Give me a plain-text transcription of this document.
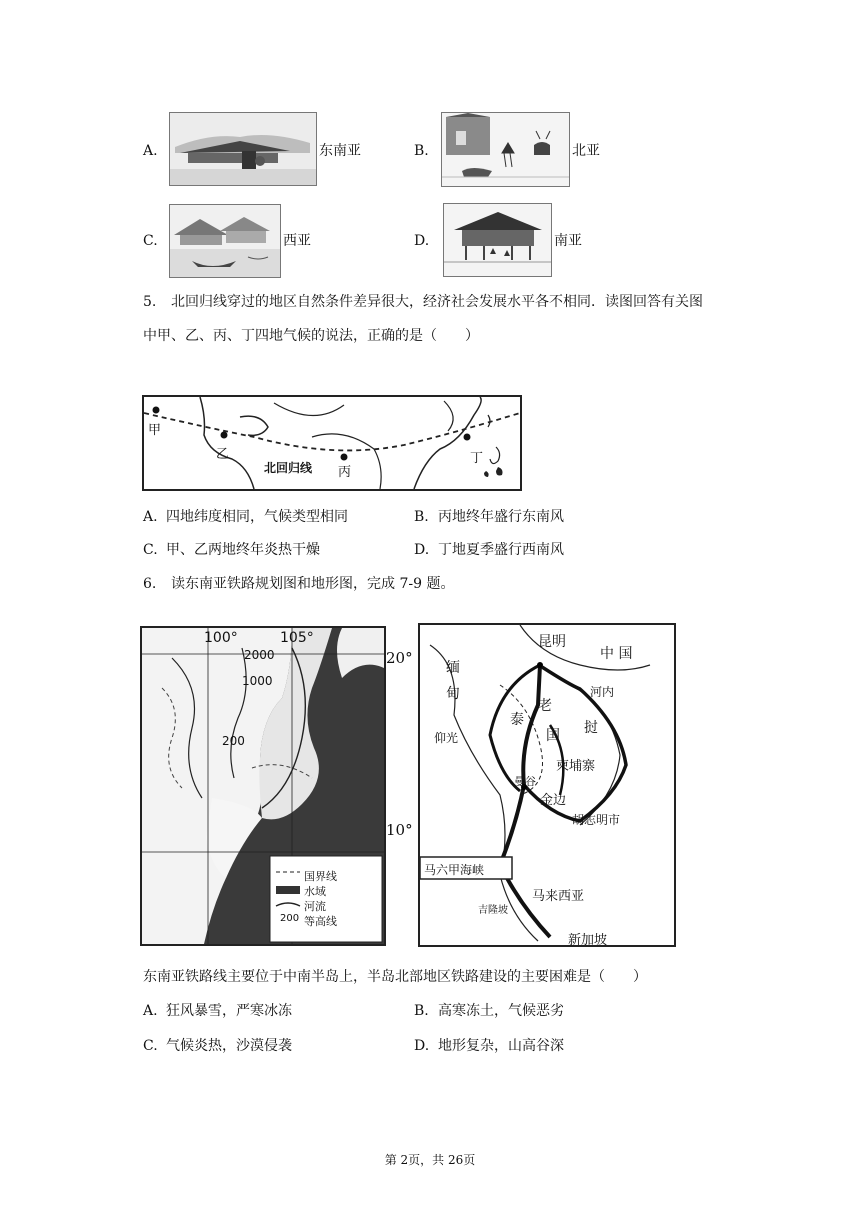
A.	东南亚	B.	北亚
C.	西亚	D.	南亚
5. 北回归线穿过的地区自然条件差异很大，经济社会发展水平各不相同．读图回答有关图
中甲、乙、丙、丁四地气候的说法，正确的是（　　）
甲
乙
北回归线 丙
丁
A. 四地纬度相同，气候类型相同	B. 丙地终年盛行东南风
C. 甲、乙两地终年炎热干燥	D. 丁地夏季盛行西南风
6. 读东南亚铁路规划图和地形图，完成 7-9 题。
100°	105°
2000
1000
200
国界线
水域
河流
200 等高线
20°
10°
昆明
中 国
缅
甸	河内
老
泰
仰光
挝
国
柬埔寨
曼谷
金边
胡志明市
马六甲海峡
马来西亚
吉隆坡
新加坡
东南亚铁路线主要位于中南半岛上，半岛北部地区铁路建设的主要困难是（　　）
A. 狂风暴雪，严寒冰冻	B. 高寒冻土，气候恶劣
C. 气候炎热，沙漠侵袭	D. 地形复杂，山高谷深
第 2页，共 26页
